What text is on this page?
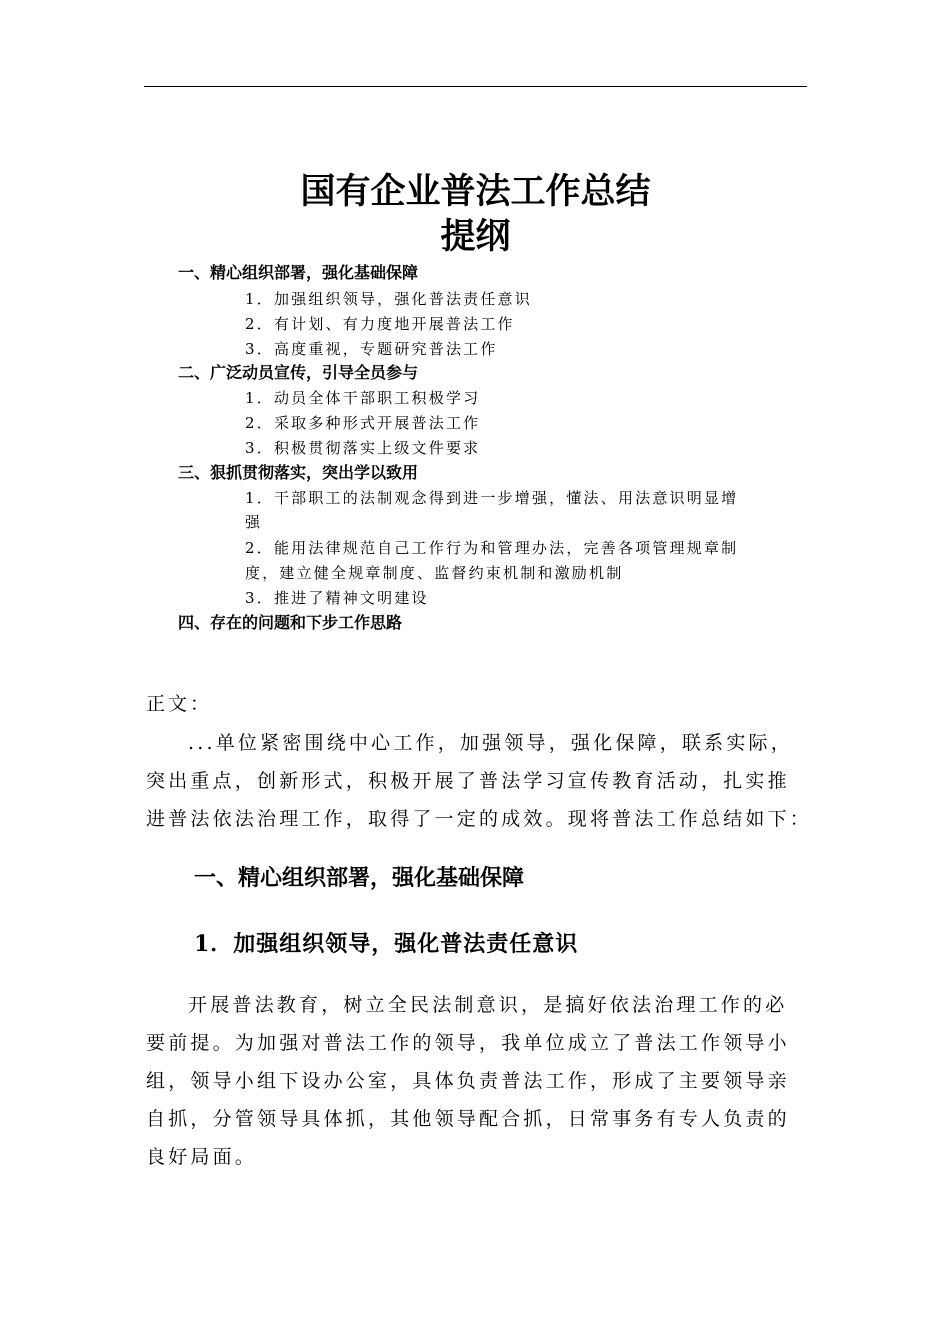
国有企业普法工作总结
提纲
一、精心组织部署，强化基础保障
1．加强组织领导，强化普法责任意识
2．有计划、有力度地开展普法工作
3．高度重视，专题研究普法工作
二、广泛动员宣传，引导全员参与
1．动员全体干部职工积极学习
2．采取多种形式开展普法工作
3．积极贯彻落实上级文件要求
三、狠抓贯彻落实，突出学以致用
1．干部职工的法制观念得到进一步增强，懂法、用法意识明显增
强
2．能用法律规范自己工作行为和管理办法，完善各项管理规章制
度，建立健全规章制度、监督约束机制和激励机制
3．推进了精神文明建设
四、存在的问题和下步工作思路
正文：
...单位紧密围绕中心工作，加强领导，强化保障，联系实际，
突出重点，创新形式，积极开展了普法学习宣传教育活动，扎实推
进普法依法治理工作，取得了一定的成效。现将普法工作总结如下：
一、精心组织部署，强化基础保障
1．加强组织领导，强化普法责任意识
开展普法教育，树立全民法制意识，是搞好依法治理工作的必
要前提。为加强对普法工作的领导，我单位成立了普法工作领导小
组，领导小组下设办公室，具体负责普法工作，形成了主要领导亲
自抓，分管领导具体抓，其他领导配合抓，日常事务有专人负责的
良好局面。
